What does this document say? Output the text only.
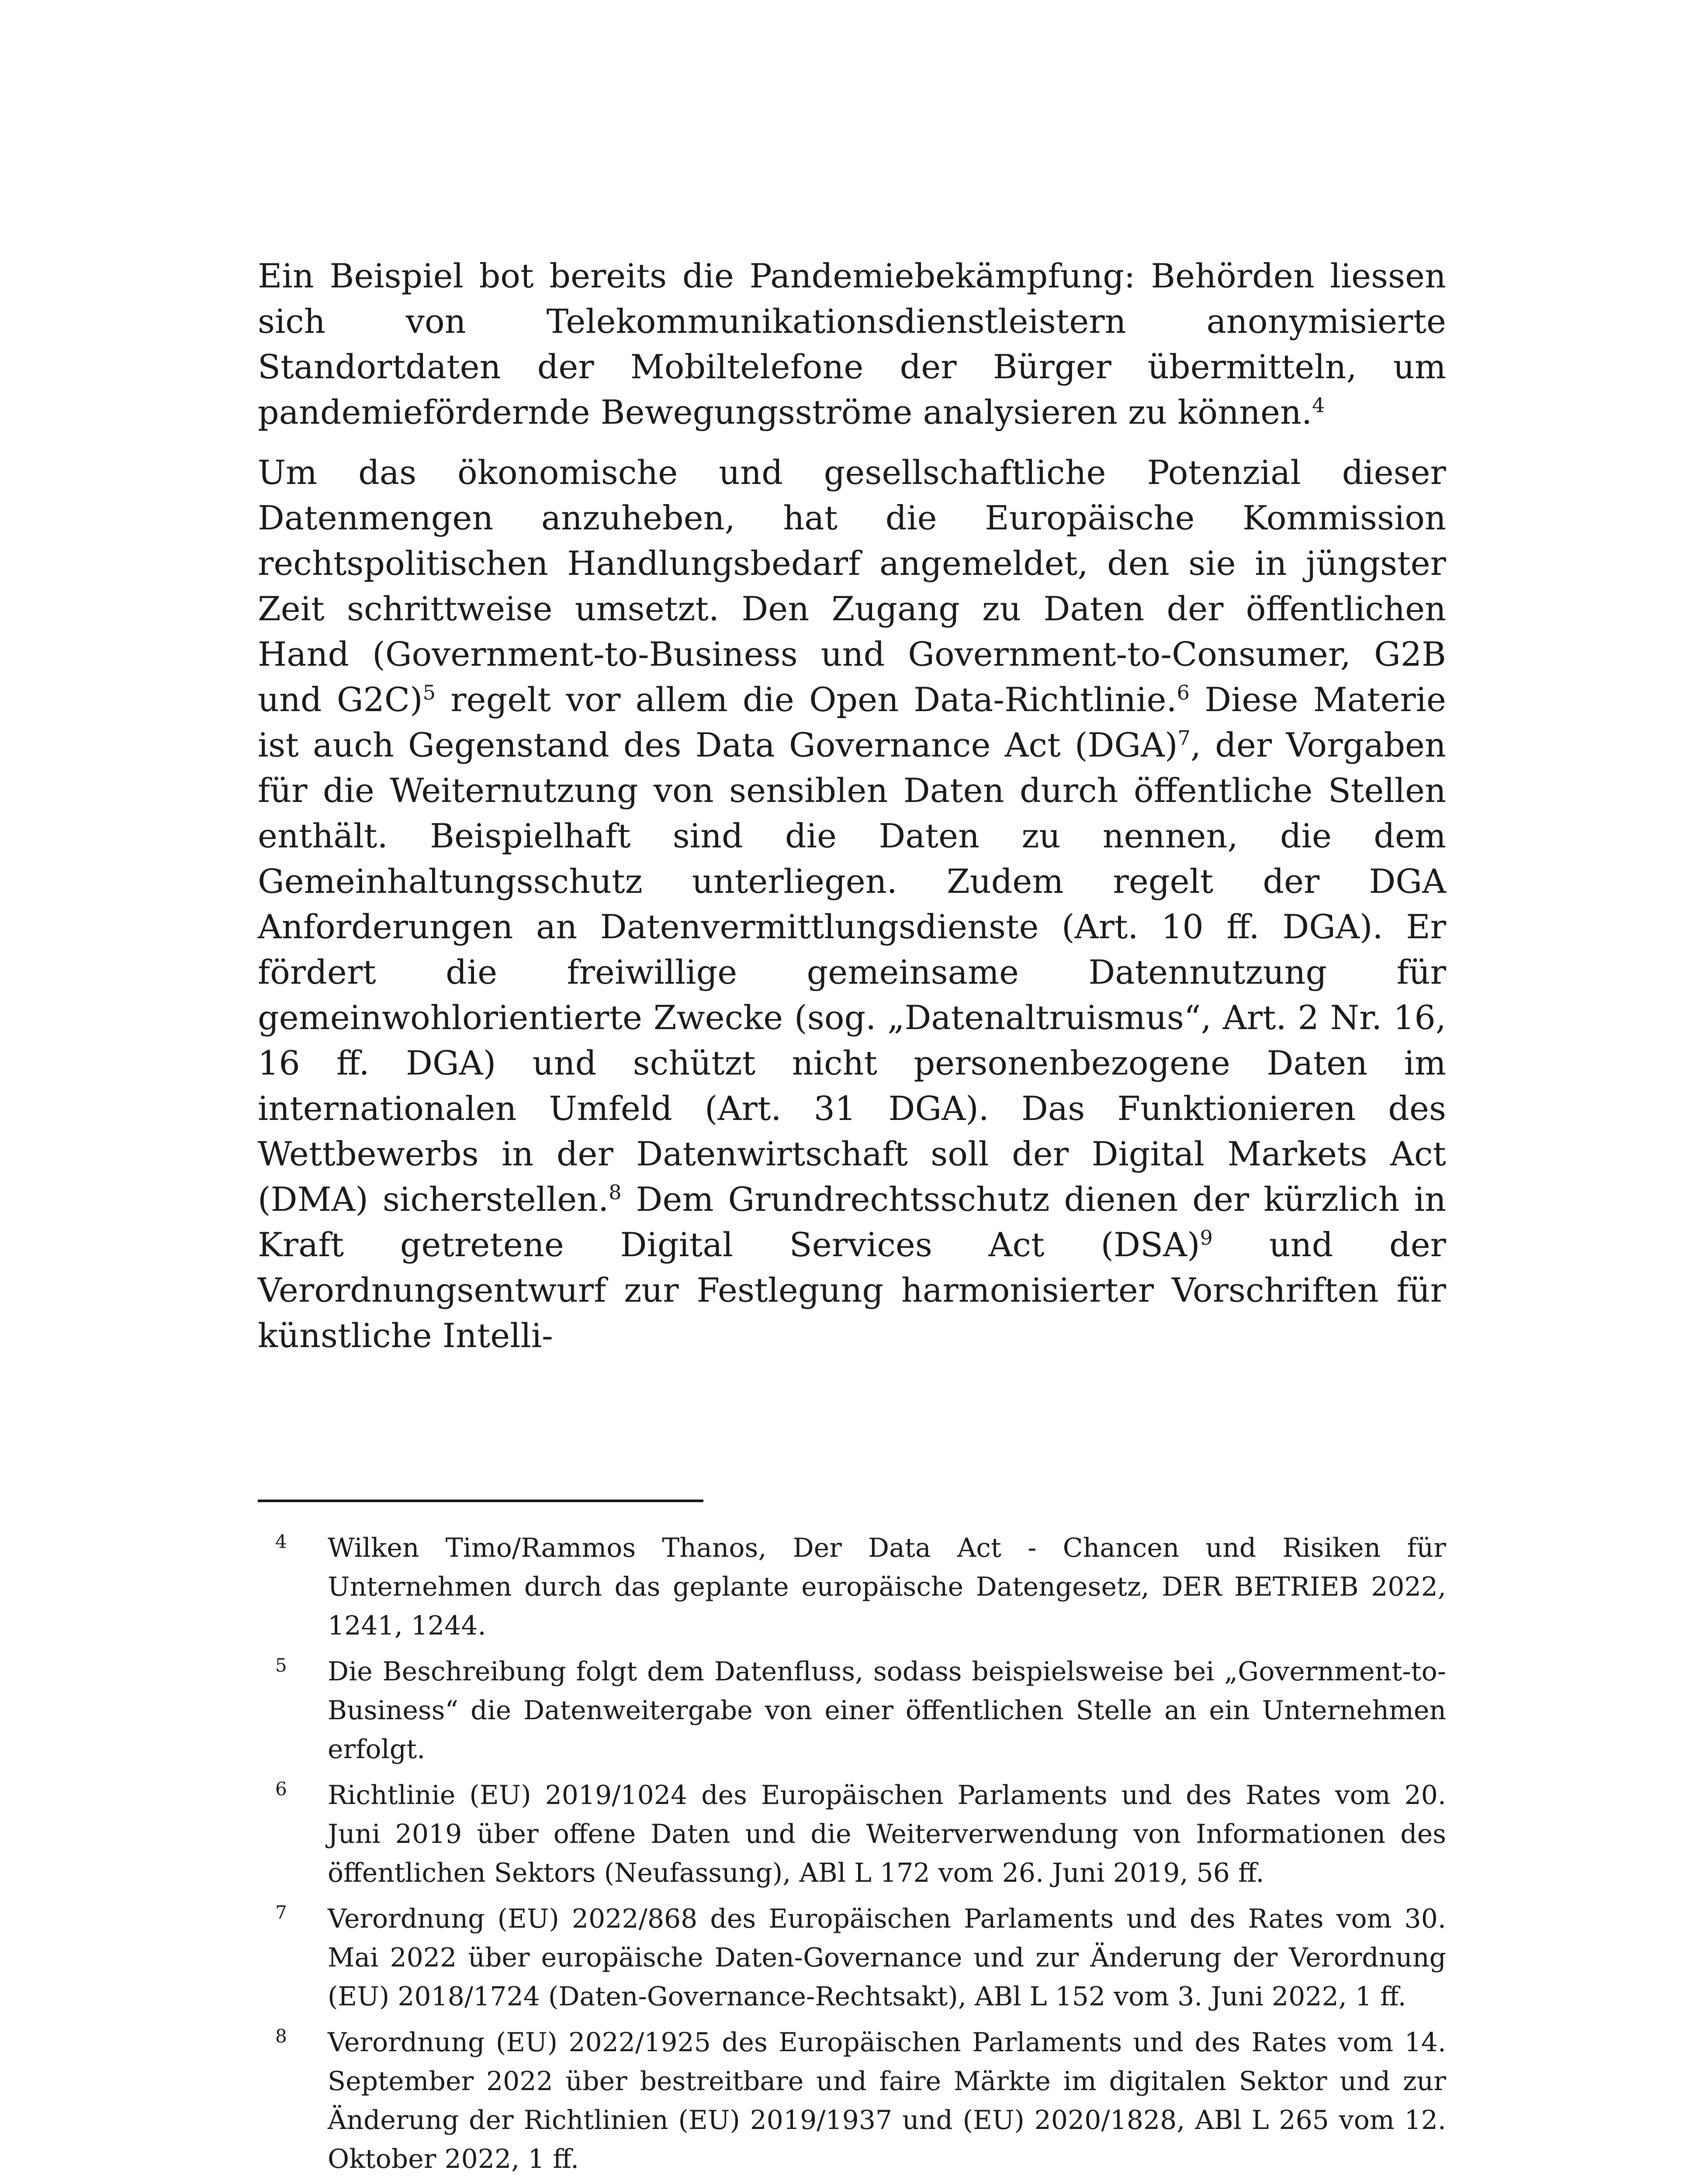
Ein Beispiel bot bereits die Pandemiebekämpfung: Behörden liessen sich von Telekommunikationsdienstleistern anonymisierte Standortdaten der Mobiltelefone der Bürger übermitteln, um pandemiefördernde Bewegungsströme analysieren zu können.$^4$

Um das ökonomische und gesellschaftliche Potenzial dieser Datenmengen anzuheben, hat die Europäische Kommission rechtspolitischen Handlungsbedarf angemeldet, den sie in jüngster Zeit schrittweise umsetzt. Den Zugang zu Daten der öffentlichen Hand (Government-to-Business und Government-to-Consumer, G2B und G2C)$^5$ regelt vor allem die Open Data-Richtlinie.$^6$ Diese Materie ist auch Gegenstand des Data Governance Act (DGA)$^7$, der Vorgaben für die Weiternutzung von sensiblen Daten durch öffentliche Stellen enthält. Beispielhaft sind die Daten zu nennen, die dem Gemeinhaltungsschutz unterliegen. Zudem regelt der DGA Anforderungen an Datenvermittlungsdienste (Art. 10 ff. DGA). Er fördert die freiwillige gemeinsame Datennutzung für gemeinwohlorientierte Zwecke (sog. „Datenaltruismus“, Art. 2 Nr. 16, 16 ff. DGA) und schützt nicht personenbezogene Daten im internationalen Umfeld (Art. 31 DGA). Das Funktionieren des Wettbewerbs in der Datenwirtschaft soll der Digital Markets Act (DMA) sicherstellen.$^8$ Dem Grundrechtsschutz dienen der kürzlich in Kraft getretene Digital Services Act (DSA)$^9$ und der Verordnungsentwurf zur Festlegung harmonisierter Vorschriften für künstliche Intelli-

4	Wilken Timo/Rammos Thanos, Der Data Act - Chancen und Risiken für Unternehmen durch das geplante europäische Datengesetz, DER BETRIEB 2022, 1241, 1244.
5	Die Beschreibung folgt dem Datenfluss, sodass beispielsweise bei „Government-to-Business“ die Datenweitergabe von einer öffentlichen Stelle an ein Unternehmen erfolgt.
6	Richtlinie (EU) 2019/1024 des Europäischen Parlaments und des Rates vom 20. Juni 2019 über offene Daten und die Weiterverwendung von Informationen des öffentlichen Sektors (Neufassung), ABl L 172 vom 26. Juni 2019, 56 ff.
7	Verordnung (EU) 2022/868 des Europäischen Parlaments und des Rates vom 30. Mai 2022 über europäische Daten-Governance und zur Änderung der Verordnung (EU) 2018/1724 (Daten-Governance-Rechtsakt), ABl L 152 vom 3. Juni 2022, 1 ff.
8	Verordnung (EU) 2022/1925 des Europäischen Parlaments und des Rates vom 14. September 2022 über bestreitbare und faire Märkte im digitalen Sektor und zur Änderung der Richtlinien (EU) 2019/1937 und (EU) 2020/1828, ABl L 265 vom 12. Oktober 2022, 1 ff.
